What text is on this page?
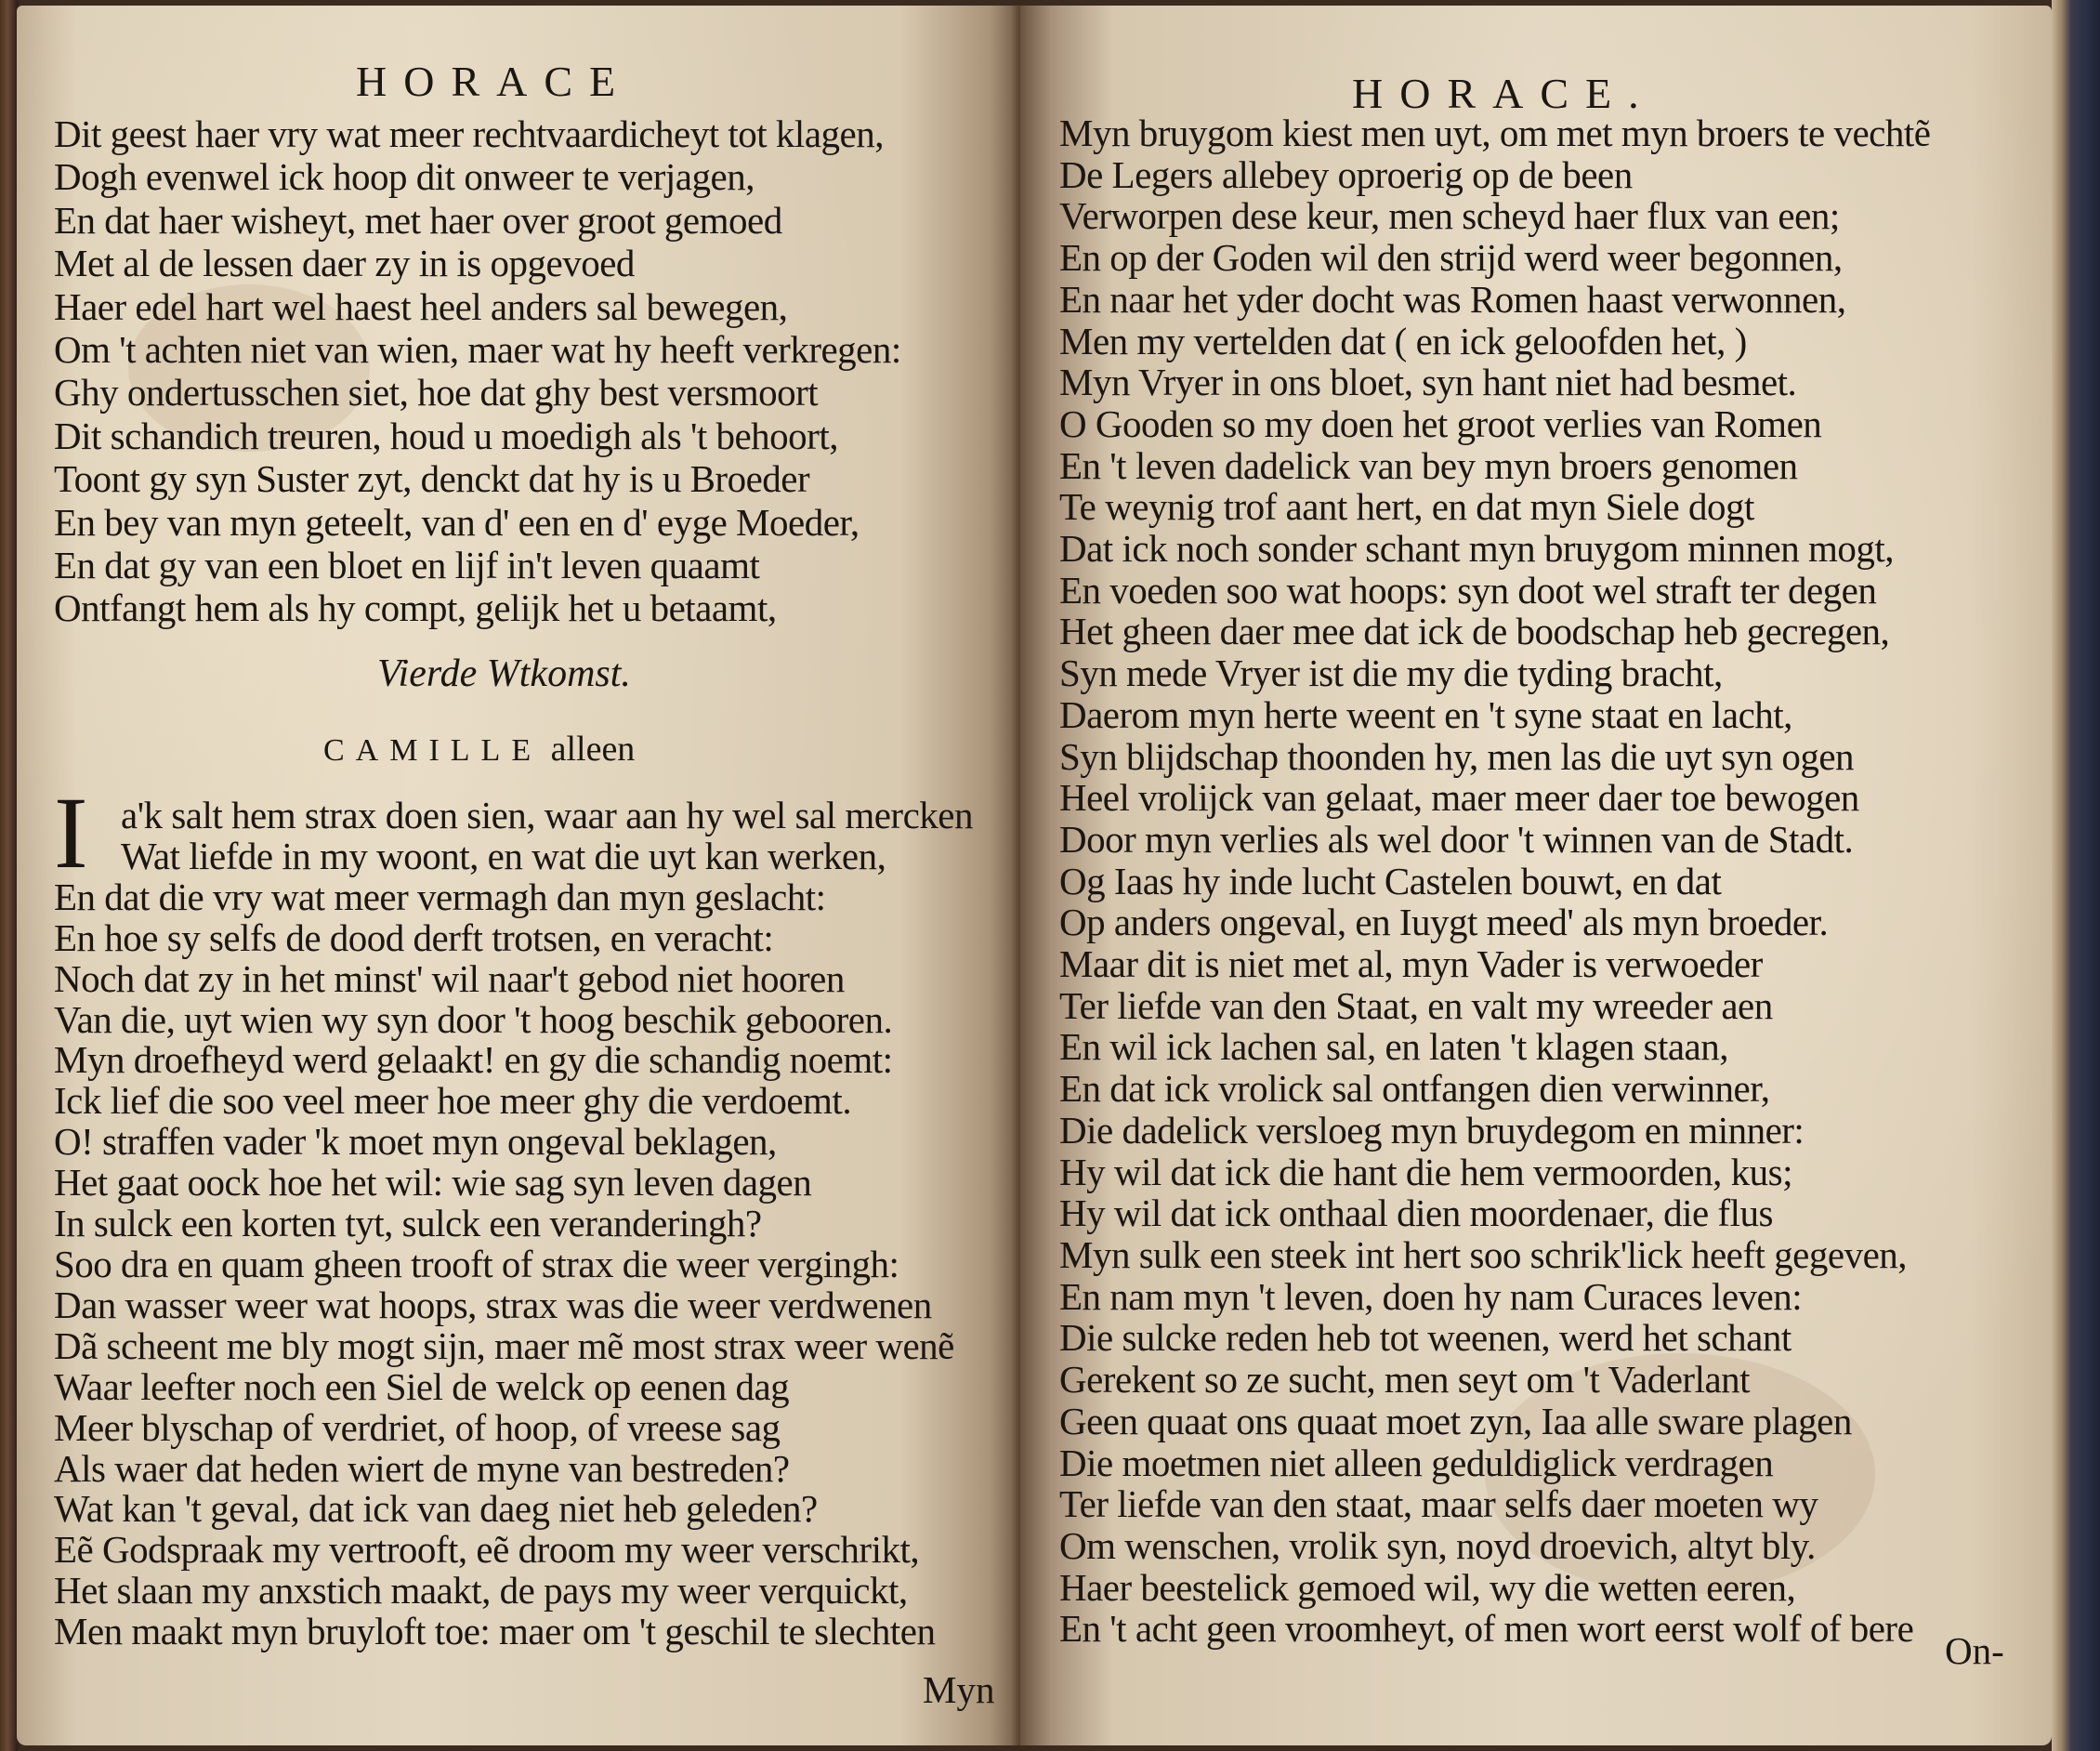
HORACE
Dit geest haer vry wat meer rechtvaardicheyt tot klagen,
Dogh evenwel ick hoop dit onweer te verjagen,
En dat haer wisheyt, met haer over groot gemoed
Met al de lessen daer zy in is opgevoed
Haer edel hart wel haest heel anders sal bewegen,
Om 't achten niet van wien, maer wat hy heeft verkregen:
Ghy ondertusschen siet, hoe dat ghy best versmoort
Dit schandich treuren, houd u moedigh als 't behoort,
Toont gy syn Suster zyt, denckt dat hy is u Broeder
En bey van myn geteelt, van d' een en d' eyge Moeder,
En dat gy van een bloet en lijf in't leven quaamt
Ontfangt hem als hy compt, gelijk het u betaamt,
Vierde Wtkomst.
CAMILLE alleen
I a'k salt hem strax doen sien, waar aan hy wel sal mercken
Wat liefde in my woont, en wat die uyt kan werken,
En dat die vry wat meer vermagh dan myn geslacht:
En hoe sy selfs de dood derft trotsen, en veracht:
Noch dat zy in het minst' wil naar't gebod niet hooren
Van die, uyt wien wy syn door 't hoog beschik gebooren.
Myn droefheyd werd gelaakt! en gy die schandig noemt:
Ick lief die soo veel meer hoe meer ghy die verdoemt.
O! straffen vader 'k moet myn ongeval beklagen,
Het gaat oock hoe het wil: wie sag syn leven dagen
In sulck een korten tyt, sulck een veranderingh?
Soo dra en quam gheen trooft of strax die weer vergingh:
Dan wasser weer wat hoops, strax was die weer verdwenen
Dã scheent me bly mogt sijn, maer mẽ most strax weer wenẽ
Waar leefter noch een Siel de welck op eenen dag
Meer blyschap of verdriet, of hoop, of vreese sag
Als waer dat heden wiert de myne van bestreden?
Wat kan 't geval, dat ick van daeg niet heb geleden?
Eẽ Godspraak my vertrooft, eẽ droom my weer verschrikt,
Het slaan my anxstich maakt, de pays my weer verquickt,
Men maakt myn bruyloft toe: maer om 't geschil te slechten
Myn
HORACE.
Myn bruygom kiest men uyt, om met myn broers te vechtẽ
De Legers allebey oproerig op de been
Verworpen dese keur, men scheyd haer flux van een;
En op der Goden wil den strijd werd weer begonnen,
En naar het yder docht was Romen haast verwonnen,
Men my vertelden dat ( en ick geloofden het, )
Myn Vryer in ons bloet, syn hant niet had besmet.
O Gooden so my doen het groot verlies van Romen
En 't leven dadelick van bey myn broers genomen
Te weynig trof aant hert, en dat myn Siele dogt
Dat ick noch sonder schant myn bruygom minnen mogt,
En voeden soo wat hoops: syn doot wel straft ter degen
Het gheen daer mee dat ick de boodschap heb gecregen,
Syn mede Vryer ist die my die tyding bracht,
Daerom myn herte weent en 't syne staat en lacht,
Syn blijdschap thoonden hy, men las die uyt syn ogen
Heel vrolijck van gelaat, maer meer daer toe bewogen
Door myn verlies als wel door 't winnen van de Stadt.
Og Iaas hy inde lucht Castelen bouwt, en dat
Op anders ongeval, en Iuygt meed' als myn broeder.
Maar dit is niet met al, myn Vader is verwoeder
Ter liefde van den Staat, en valt my wreeder aen
En wil ick lachen sal, en laten 't klagen staan,
En dat ick vrolick sal ontfangen dien verwinner,
Die dadelick versloeg myn bruydegom en minner:
Hy wil dat ick die hant die hem vermoorden, kus;
Hy wil dat ick onthaal dien moordenaer, die flus
Myn sulk een steek int hert soo schrik'lick heeft gegeven,
En nam myn 't leven, doen hy nam Curaces leven:
Die sulcke reden heb tot weenen, werd het schant
Gerekent so ze sucht, men seyt om 't Vaderlant
Geen quaat ons quaat moet zyn, Iaa alle sware plagen
Die moetmen niet alleen geduldiglick verdragen
Ter liefde van den staat, maar selfs daer moeten wy
Om wenschen, vrolik syn, noyd droevich, altyt bly.
Haer beestelick gemoed wil, wy die wetten eeren,
En 't acht geen vroomheyt, of men wort eerst wolf of bere
On-
